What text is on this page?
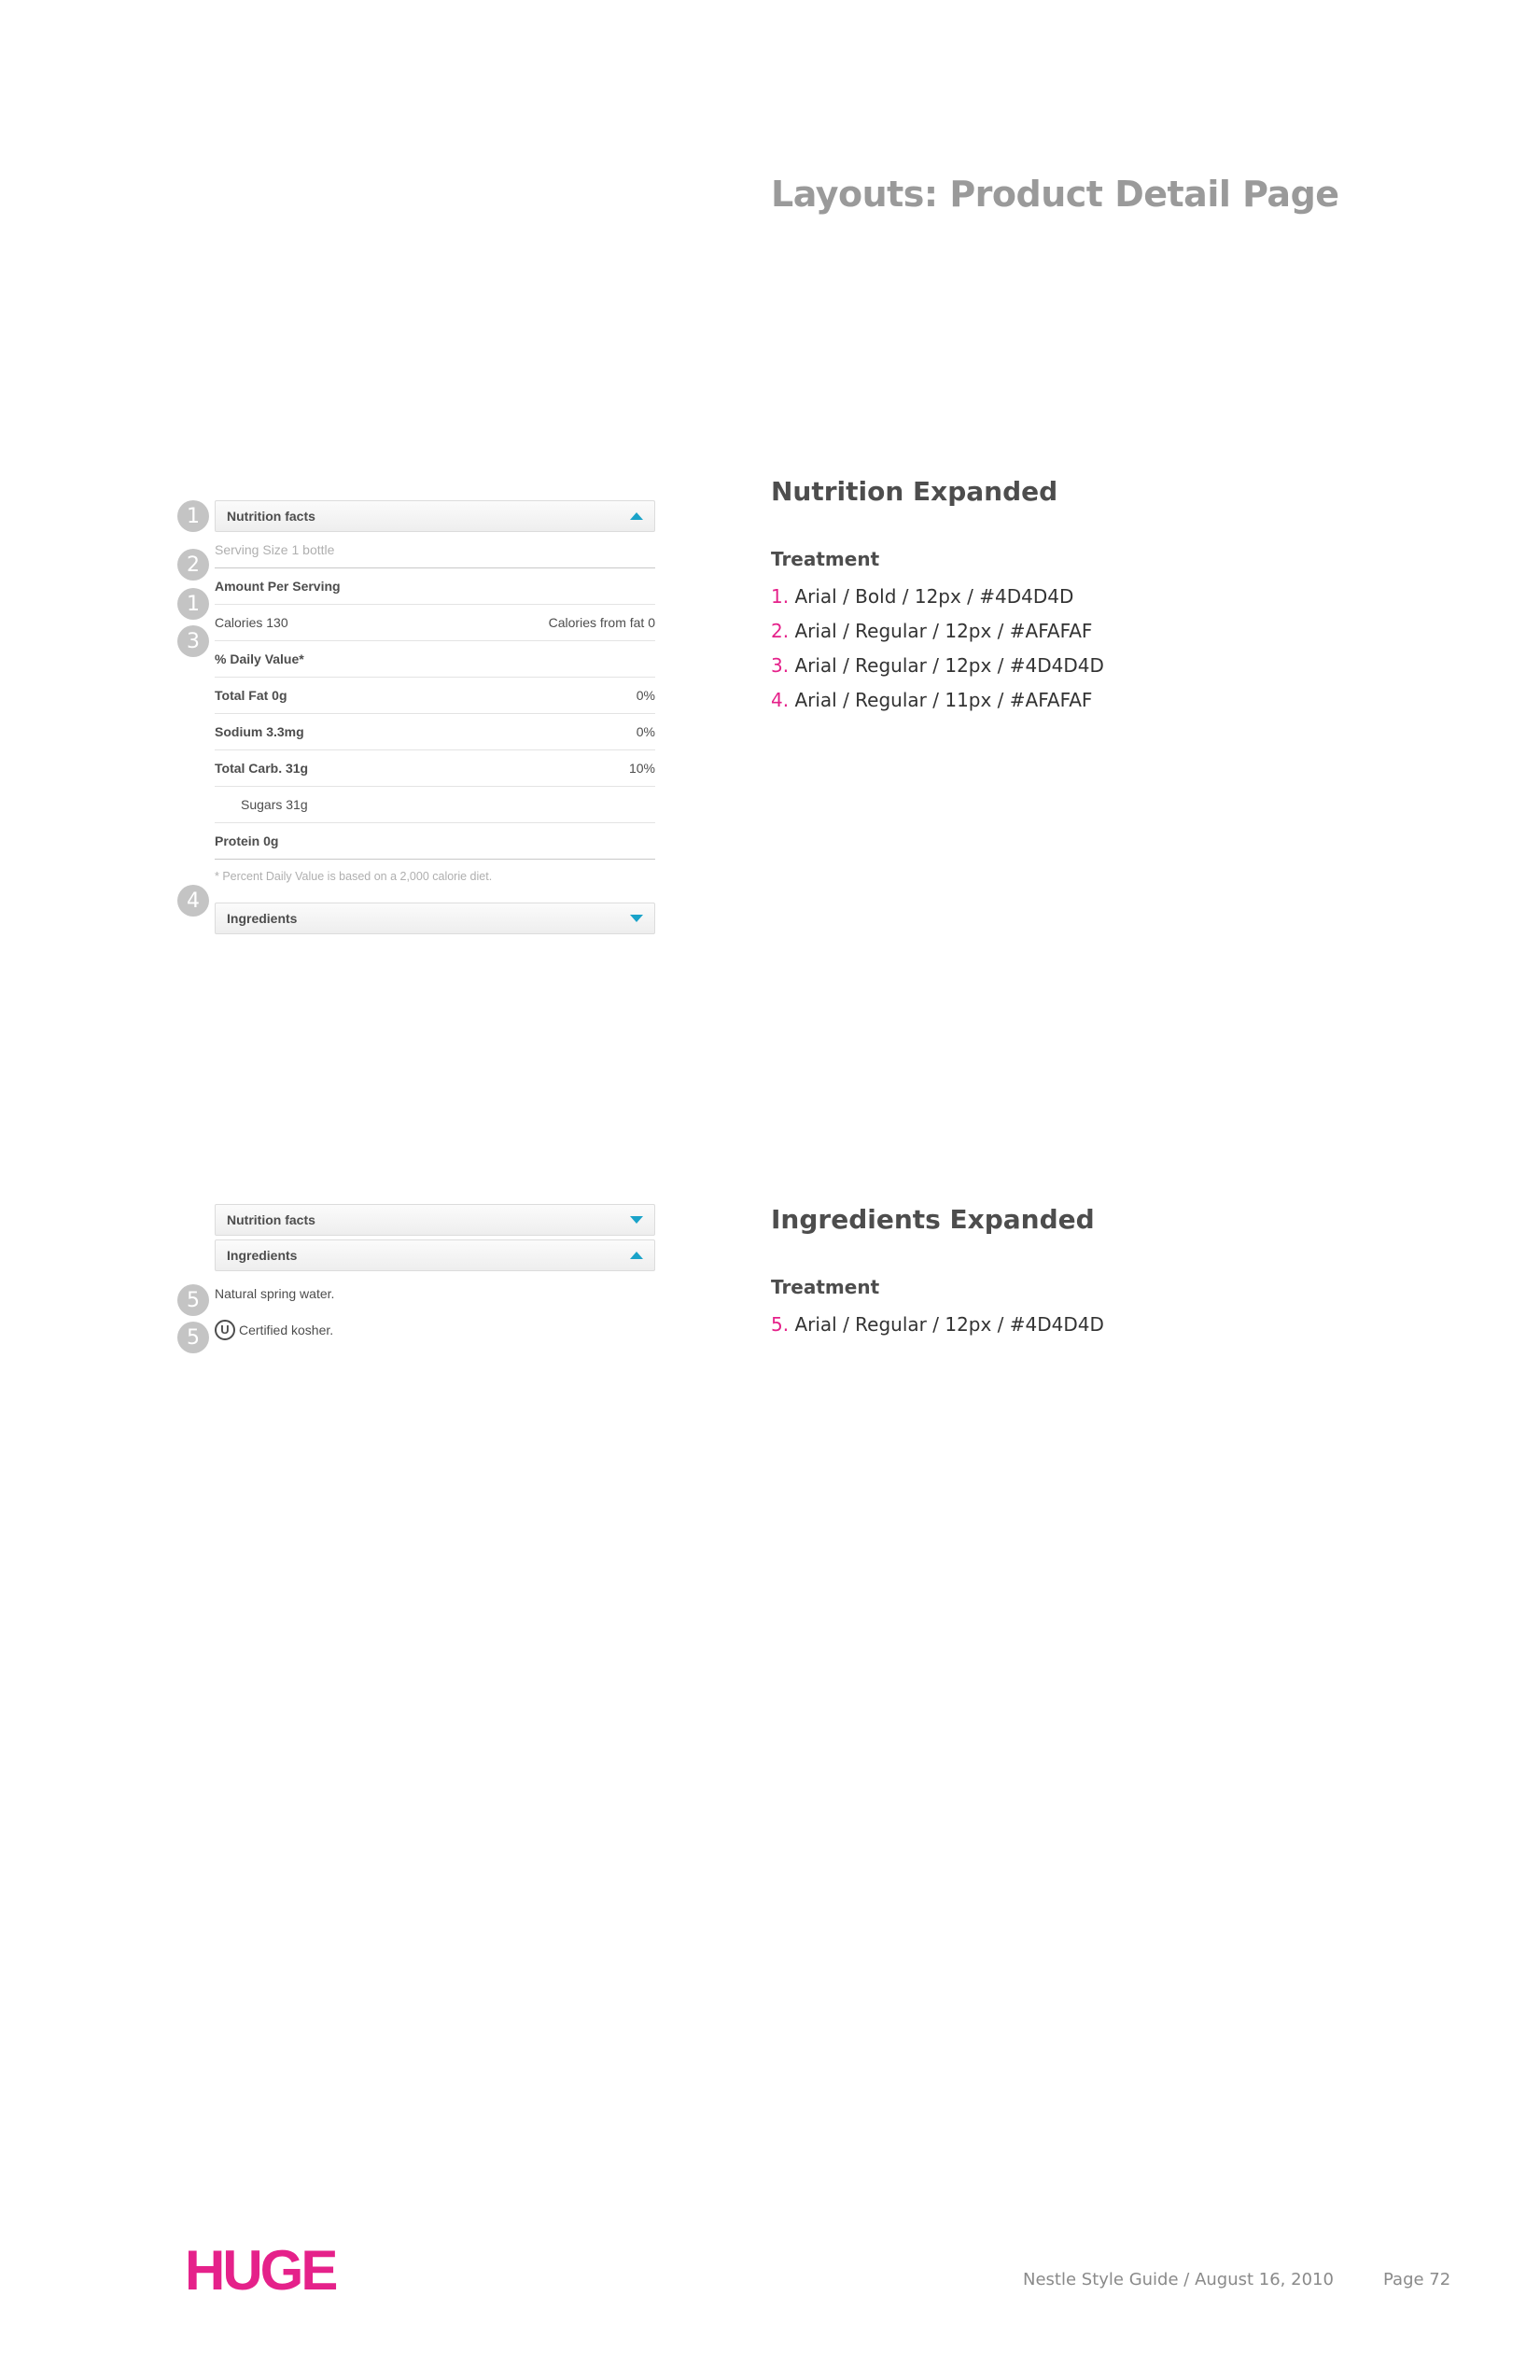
Layouts: Product Detail Page
Nutrition Expanded
Treatment
1. Arial / Bold / 12px / #4D4D4D
2. Arial / Regular / 12px / #AFAFAF
3. Arial / Regular / 12px / #4D4D4D
4. Arial / Regular / 11px / #AFAFAF
Ingredients Expanded
Treatment
5. Arial / Regular / 12px / #4D4D4D
1
2
1
3
4
5
5
Nutrition facts
Serving Size 1 bottle
Amount Per Serving
Calories 130	Calories from fat 0
% Daily Value*
Total Fat 0g	0%
Sodium 3.3mg	0%
Total Carb. 31g	10%
Sugars 31g
Protein 0g
* Percent Daily Value is based on a 2,000 calorie diet.
Ingredients
Nutrition facts
Ingredients
Natural spring water.
U Certified kosher.
HUGE	Nestle Style Guide / August 16, 2010	Page 72
